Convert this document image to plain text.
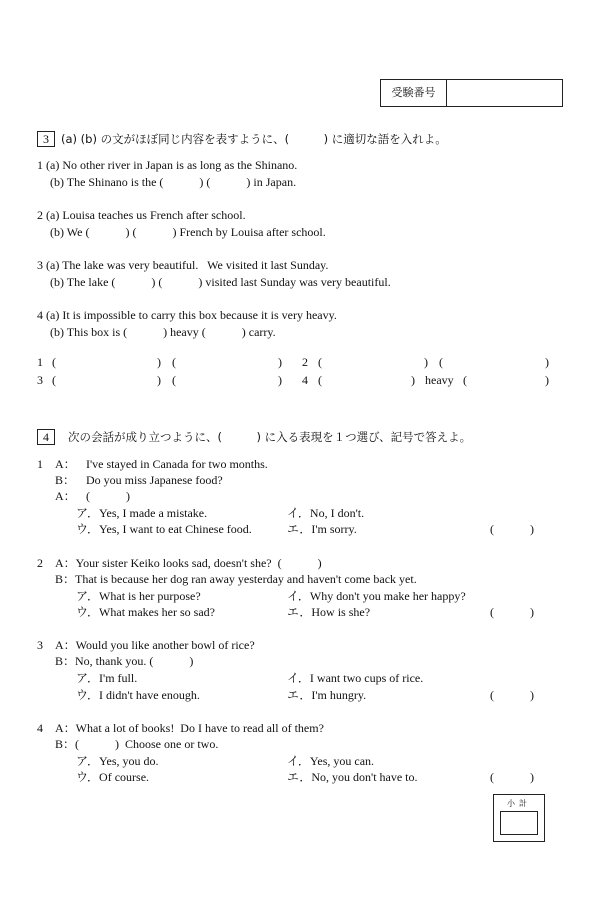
受験番号
3	(a) (b) の文がほぼ同じ内容を表すように、(　　　) に適切な語を入れよ。
1 (a) No other river in Japan is as long as the Shinano.
(b) The Shinano is the (　　　) (　　　) in Japan.
2 (a) Louisa teaches us French after school.
(b) We (　　　) (　　　) French by Louisa after school.
3 (a) The lake was very beautiful.   We visited it last Sunday.
(b) The lake (　　　) (　　　) visited last Sunday was very beautiful.
4 (a) It is impossible to carry this box because it is very heavy.
(b) This box is (　　　) heavy (　　　) carry.
1 (	) (	) 2 (	) (	)
3 (	) (	) 4 (	) heavy (	)
4	次の会話が成り立つように、(　　　) に入る表現を１つ選び、記号で答えよ。
1 A： I've stayed in Canada for two months.
B： Do you miss Japanese food?
A： (　　　)
ア．Yes, I made a mistake.	イ．No, I don't.
ウ．Yes, I want to eat Chinese food.	エ．I'm sorry.	(　　　)
2 A：Your sister Keiko looks sad, doesn't she?  (　　　)
B：That is because her dog ran away yesterday and haven't come back yet.
ア．What is her purpose?	イ．Why don't you make her happy?
ウ．What makes her so sad?	エ．How is she?	(　　　)
3 A：Would you like another bowl of rice?
B：No, thank you. (　　　)
ア．I'm full.	イ．I want two cups of rice.
ウ．I didn't have enough.	エ．I'm hungry.	(　　　)
4 A：What a lot of books!  Do I have to read all of them?
B：(　　　)  Choose one or two.
ア．Yes, you do.	イ．Yes, you can.
ウ．Of course.	エ．No, you don't have to.	(　　　)
小計
